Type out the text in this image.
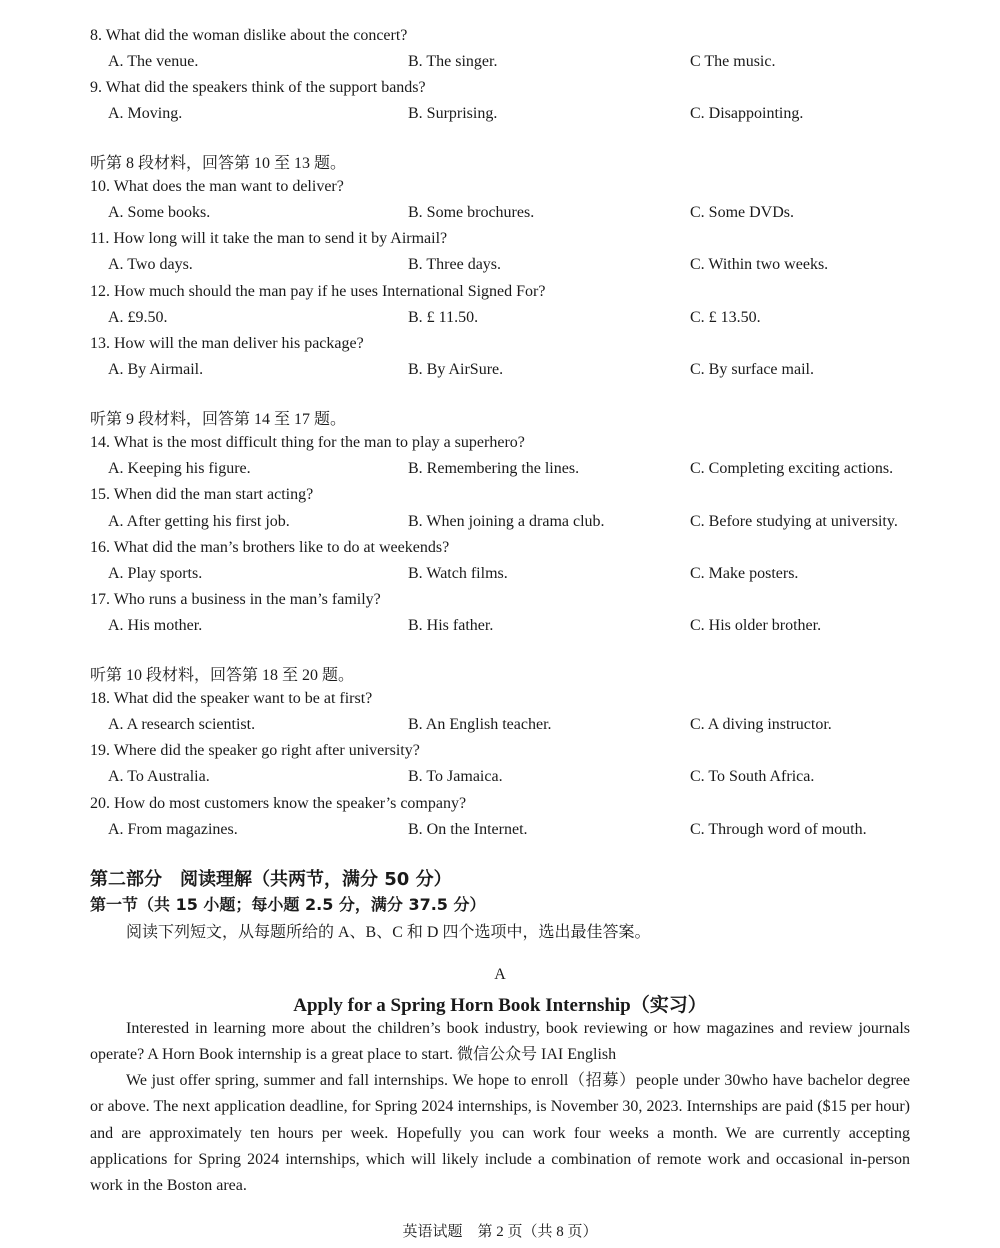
8. What did the woman dislike about the concert?
A. The venue.	B. The singer.	C The music.
9. What did the speakers think of the support bands?
A. Moving.	B. Surprising.	C. Disappointing.
听第 8 段材料，回答第 10 至 13 题。
10. What does the man want to deliver?
A. Some books.	B. Some brochures.	C. Some DVDs.
11. How long will it take the man to send it by Airmail?
A. Two days.	B. Three days.	C. Within two weeks.
12. How much should the man pay if he uses International Signed For?
A. £9.50.	B. £ 11.50.	C. £ 13.50.
13. How will the man deliver his package?
A. By Airmail.	B. By AirSure.	C. By surface mail.
听第 9 段材料，回答第 14 至 17 题。
14. What is the most difficult thing for the man to play a superhero?
A. Keeping his figure.	B. Remembering the lines.	C. Completing exciting actions.
15. When did the man start acting?
A. After getting his first job.	B. When joining a drama club.	C. Before studying at university.
16. What did the man’s brothers like to do at weekends?
A. Play sports.	B. Watch films.	C. Make posters.
17. Who runs a business in the man’s family?
A. His mother.	B. His father.	C. His older brother.
听第 10 段材料，回答第 18 至 20 题。
18. What did the speaker want to be at first?
A. A research scientist.	B. An English teacher.	C. A diving instructor.
19. Where did the speaker go right after university?
A. To Australia.	B. To Jamaica.	C. To South Africa.
20. How do most customers know the speaker’s company?
A. From magazines.	B. On the Internet.	C. Through word of mouth.
第二部分　阅读理解（共两节，满分 50 分）
第一节（共 15 小题；每小题 2.5 分，满分 37.5 分）
阅读下列短文，从每题所给的 A、B、C 和 D 四个选项中，选出最佳答案。
A
Apply for a Spring Horn Book Internship（实习）

Interested in learning more about the children’s book industry, book reviewing or how magazines and review journals operate? A Horn Book internship is a great place to start. 微信公众号 IAI English

We just offer spring, summer and fall internships. We hope to enroll（招募）people under 30who have bachelor degree or above. The next application deadline, for Spring 2024 internships, is November 30, 2023. Internships are paid ($15 per hour) and are approximately ten hours per week. Hopefully you can work four weeks a month. We are currently accepting applications for Spring 2024 internships, which will likely include a combination of remote work and occasional in-person work in the Boston area.

英语试题　第 2 页（共 8 页）
